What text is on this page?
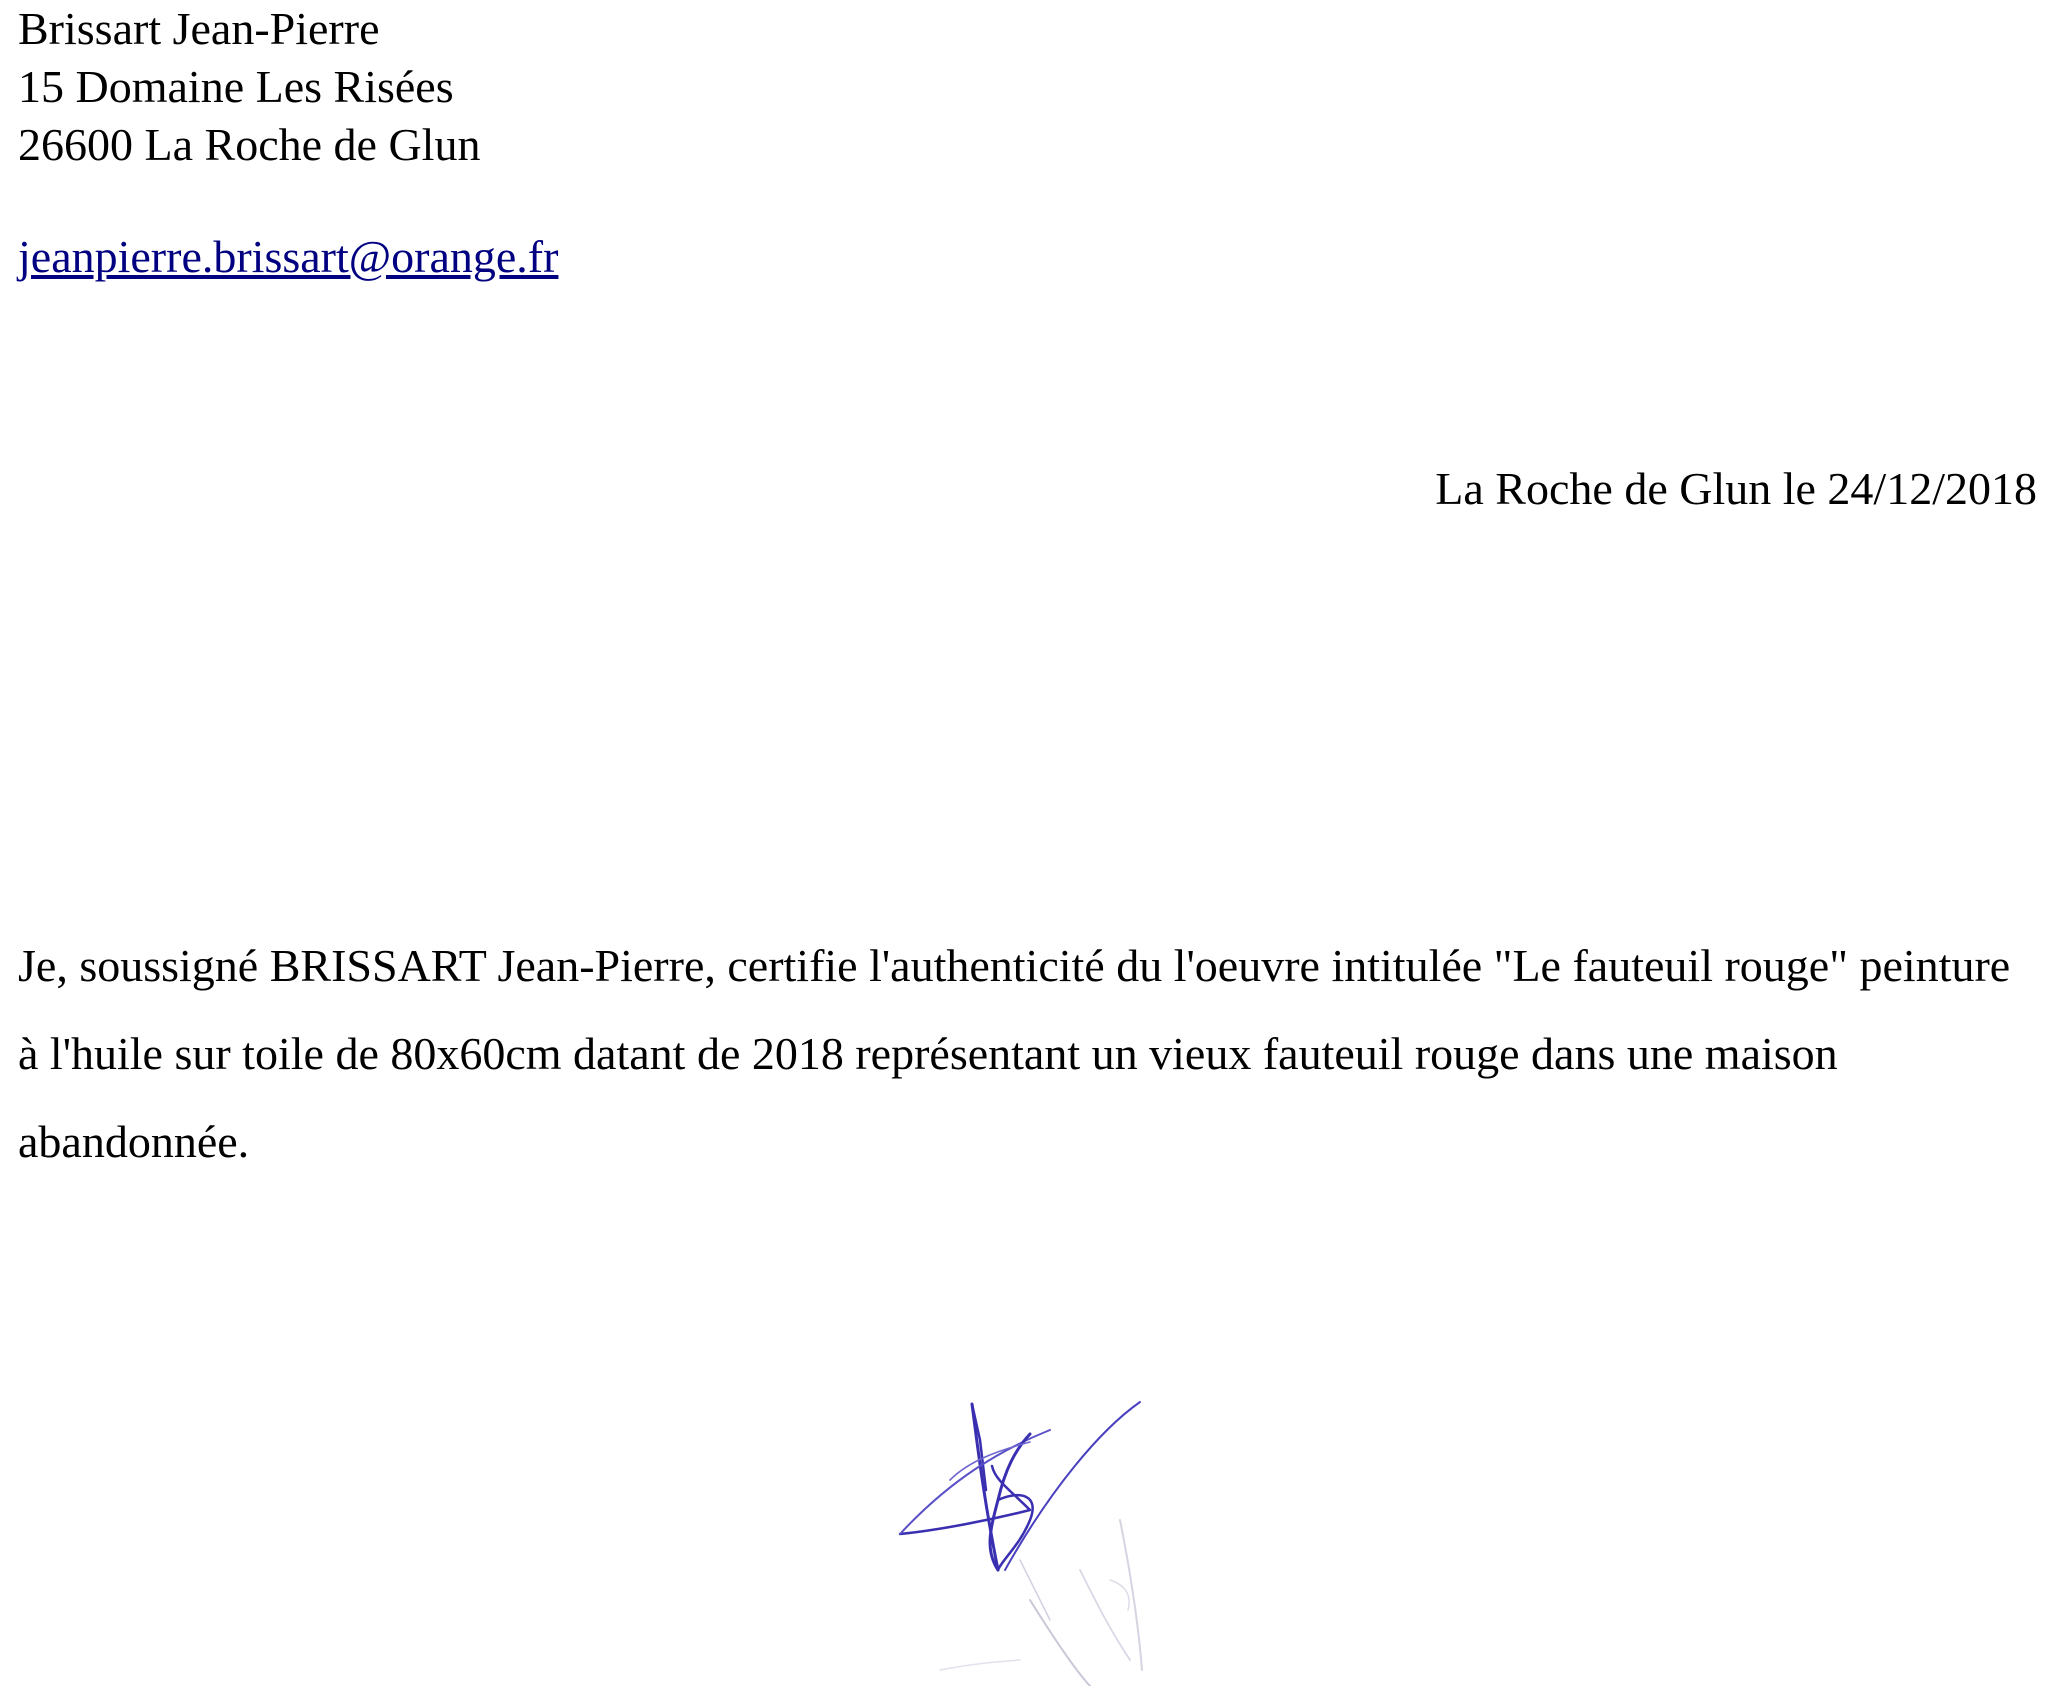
Brissart Jean-Pierre
15 Domaine Les Risées
26600 La Roche de Glun
jeanpierre.brissart@orange.fr
La Roche de Glun le 24/12/2018

Je, soussigné BRISSART Jean-Pierre, certifie l'authenticité du l'oeuvre intitulée "Le fauteuil rouge" peinture à l'huile sur toile de 80x60cm datant de 2018 représentant un vieux fauteuil rouge dans une maison abandonnée.
